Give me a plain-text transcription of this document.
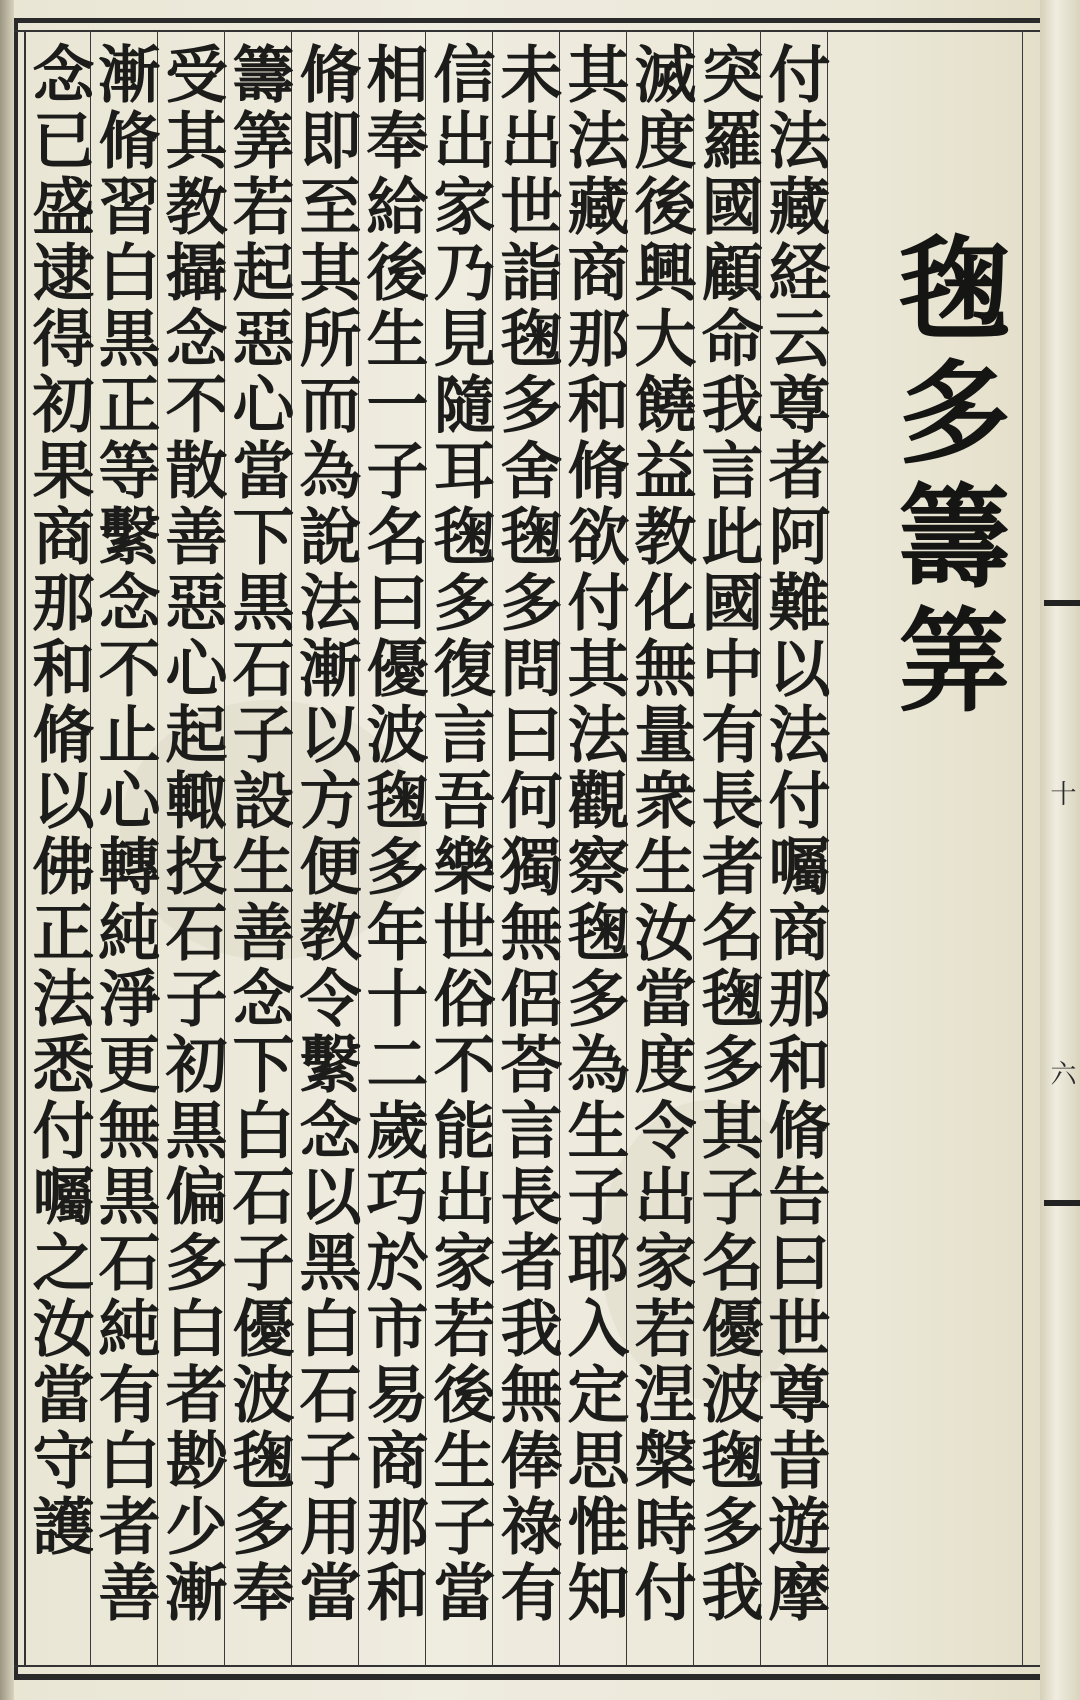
付法藏経云尊者阿難以法付囑商那和脩告曰世尊昔遊摩
突羅國顧命我言此國中有長者名毱多其子名優波毱多我
滅度後興大饒益教化無量衆生汝當度令出家若涅槃時付
其法藏商那和脩欲付其法觀察毱多為生子耶入定思惟知
未出世詣毱多舍毱多問曰何獨無侶荅言長者我無俸祿有
信出家乃見隨耳毱多復言吾樂世俗不能出家若後生子當
相奉給後生一子名曰優波毱多年十二歲巧於市易商那和
脩即至其所而為說法漸以方便教令繫念以黑白石子用當
籌筭若起惡心當下黒石子設生善念下白石子優波毱多奉
受其教攝念不散善惡心起輙投石子初黒偏多白者尠少漸
漸脩習白黒正等繫念不止心轉純淨更無黒石純有白者善
念已盛逮得初果商那和脩以佛正法悉付囑之汝當守護	毱多籌筭
十
六
